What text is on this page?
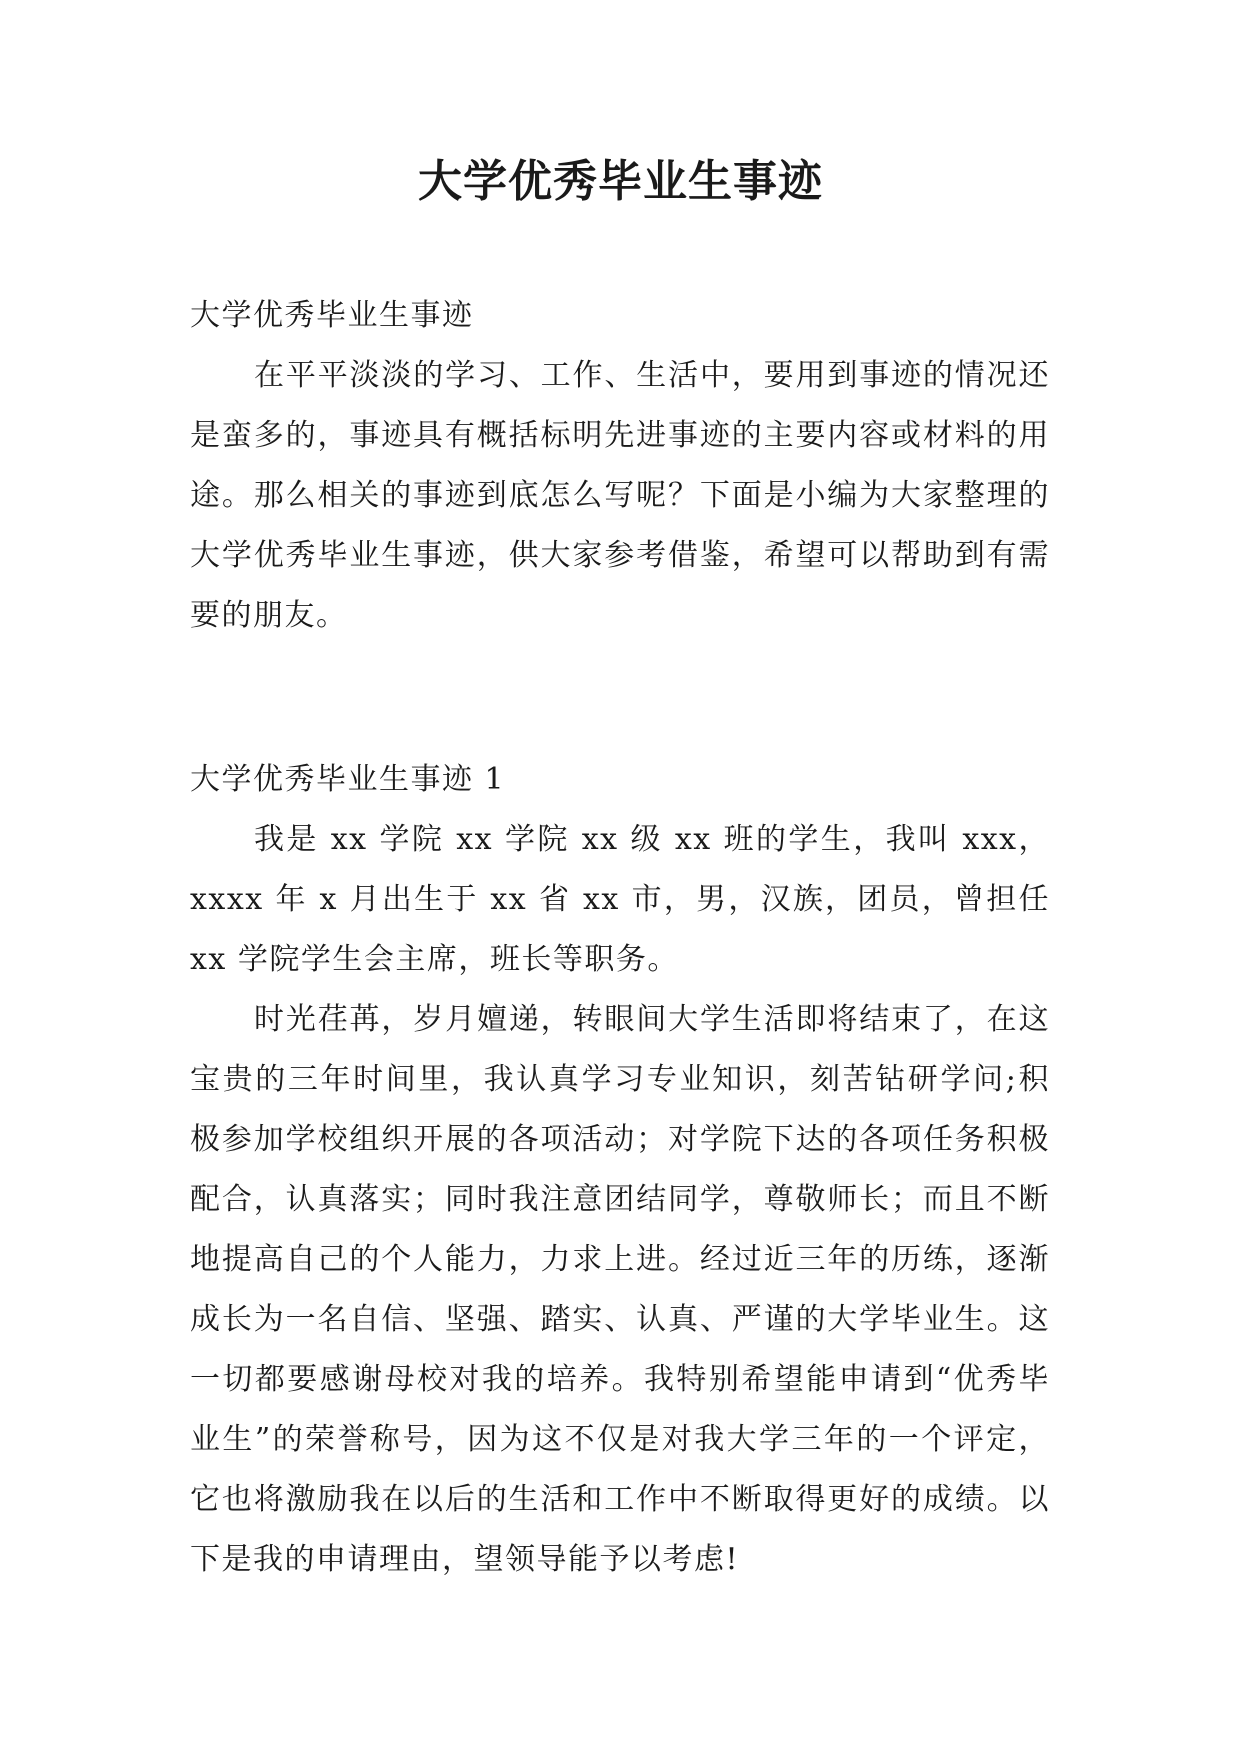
大学优秀毕业生事迹

大学优秀毕业生事迹

在平平淡淡的学习、工作、生活中，要用到事迹的情况还是蛮多的，事迹具有概括标明先进事迹的主要内容或材料的用途。那么相关的事迹到底怎么写呢？下面是小编为大家整理的大学优秀毕业生事迹，供大家参考借鉴，希望可以帮助到有需要的朋友。

大学优秀毕业生事迹 1

我是 xx 学院 xx 学院 xx 级 xx 班的学生，我叫 xxx，xxxx 年 x 月出生于 xx 省 xx 市，男，汉族，团员，曾担任 xx 学院学生会主席，班长等职务。

时光荏苒，岁月嬗递，转眼间大学生活即将结束了，在这宝贵的三年时间里，我认真学习专业知识，刻苦钻研学问;积极参加学校组织开展的各项活动；对学院下达的各项任务积极配合，认真落实；同时我注意团结同学，尊敬师长；而且不断地提高自己的个人能力，力求上进。经过近三年的历练，逐渐成长为一名自信、坚强、踏实、认真、严谨的大学毕业生。这一切都要感谢母校对我的培养。我特别希望能申请到“优秀毕业生”的荣誉称号，因为这不仅是对我大学三年的一个评定，它也将激励我在以后的生活和工作中不断取得更好的成绩。以下是我的申请理由，望领导能予以考虑!
